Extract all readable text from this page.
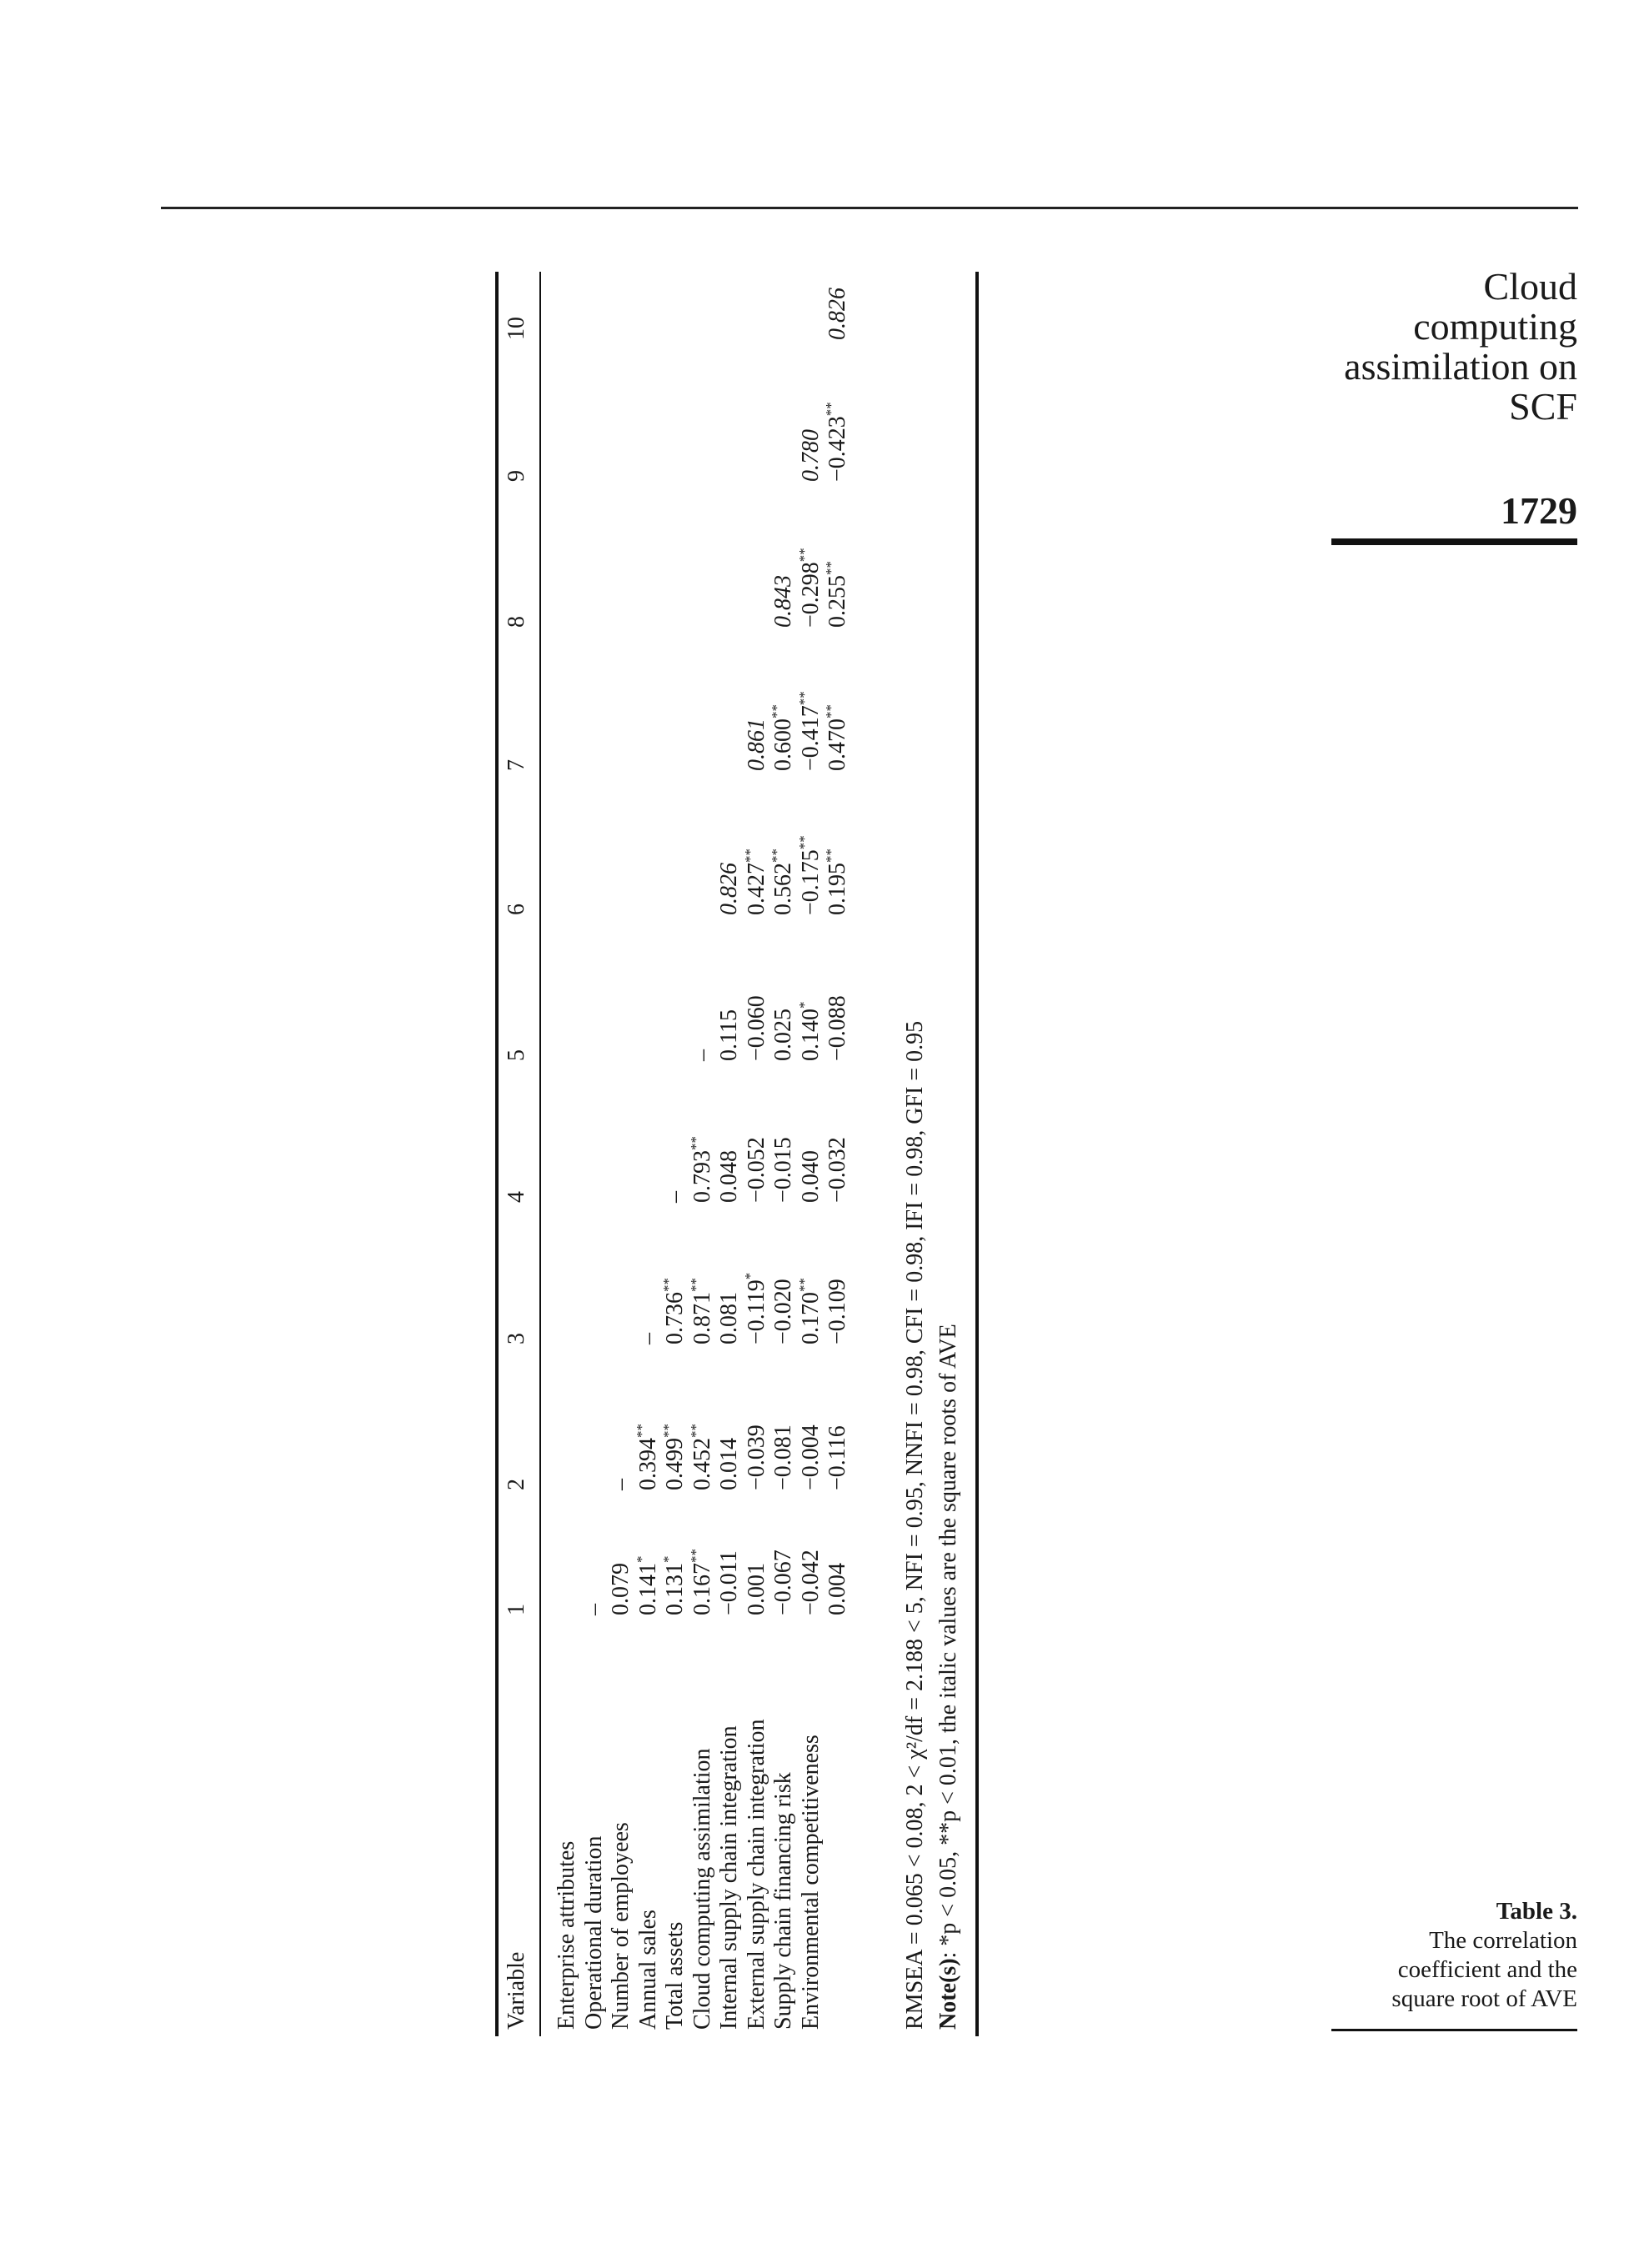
Cloud
computing
assimilation on
SCF
1729
Table 3.
The correlation
coefficient and the
square root of AVE
RMSEA = 0.065 < 0.08, 2 < χ²/df = 2.188 < 5, NFI = 0.95, NNFI = 0.98, CFI = 0.98, IFI = 0.98, GFI = 0.95 Note(s): *p < 0.05, **p < 0.01, the italic values are the square roots of AVE
Variable
1
2
3
4
5
6
7
8
9
10
Enterprise attributes Operational duration
–
Number of employees
0.079
–
Annual sales
0.141*
0.394**
–
Total assets
0.131*
0.499**
0.736**
–
Cloud computing assimilation
0.167**
0.452**
0.871**
0.793**
–
Internal supply chain integration
−0.011
0.014
0.081
0.048
0.115
0.826
External supply chain integration
0.001
−0.039
−0.119*
−0.052
−0.060
0.427**
0.861
Supply chain financing risk
−0.067
−0.081
−0.020
−0.015
0.025
0.562**
0.600**
0.843
Environmental competitiveness
−0.042
−0.004
0.170**
0.040
0.140*
−0.175**
−0.417**
−0.298**
0.780
0.004
−0.116
−0.109
−0.032
−0.088
0.195**
0.470**
0.255**
−0.423**
0.826
